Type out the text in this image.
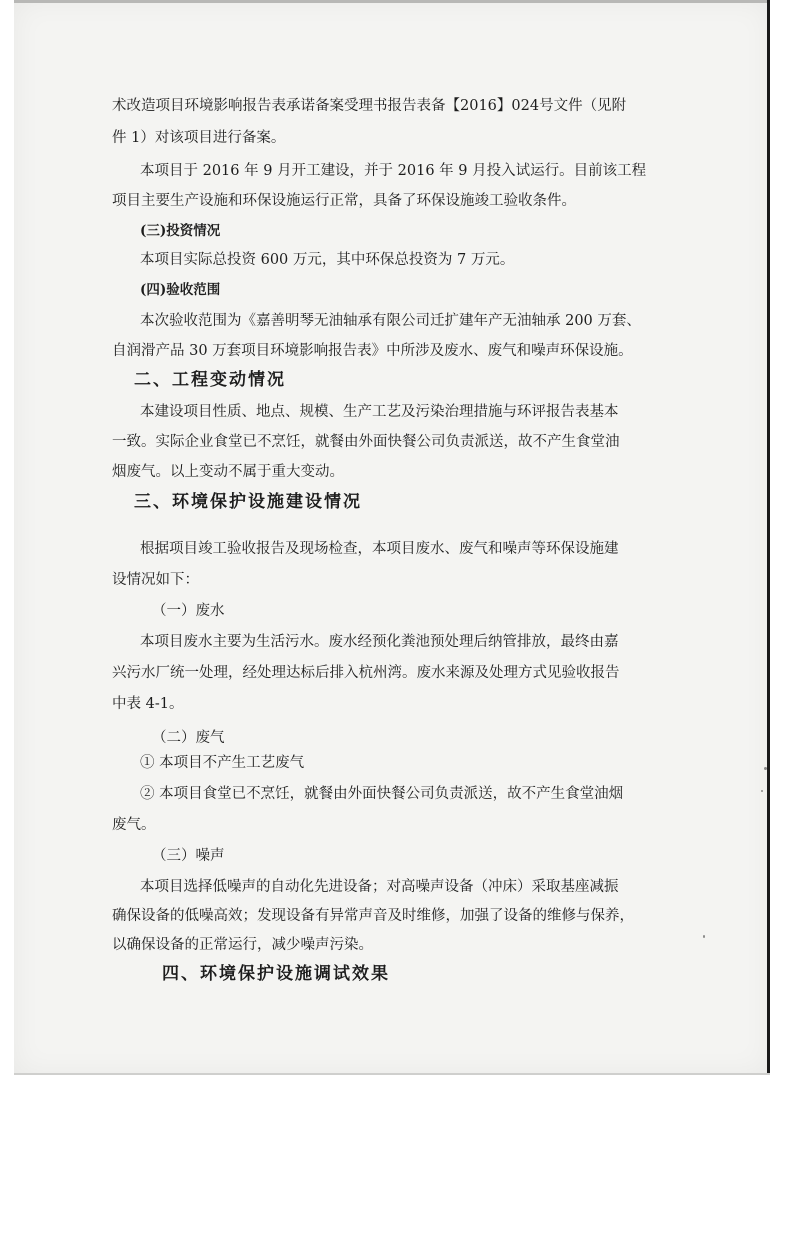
术改造项目环境影响报告表承诺备案受理书报告表备【2016】024号文件（见附
件 1）对该项目进行备案。
本项目于 2016 年 9 月开工建设，并于 2016 年 9 月投入试运行。目前该工程
项目主要生产设施和环保设施运行正常，具备了环保设施竣工验收条件。
(三)投资情况
本项目实际总投资 600 万元，其中环保总投资为 7 万元。
(四)验收范围
本次验收范围为《嘉善明琴无油轴承有限公司迁扩建年产无油轴承 200 万套、
自润滑产品 30 万套项目环境影响报告表》中所涉及废水、废气和噪声环保设施。
二、工程变动情况
本建设项目性质、地点、规模、生产工艺及污染治理措施与环评报告表基本
一致。实际企业食堂已不烹饪，就餐由外面快餐公司负责派送，故不产生食堂油
烟废气。以上变动不属于重大变动。
三、环境保护设施建设情况
根据项目竣工验收报告及现场检查，本项目废水、废气和噪声等环保设施建
设情况如下：
（一）废水
本项目废水主要为生活污水。废水经预化粪池预处理后纳管排放，最终由嘉
兴污水厂统一处理，经处理达标后排入杭州湾。废水来源及处理方式见验收报告
中表 4-1。
（二）废气
① 本项目不产生工艺废气
② 本项目食堂已不烹饪，就餐由外面快餐公司负责派送，故不产生食堂油烟
废气。
（三）噪声
本项目选择低噪声的自动化先进设备；对高噪声设备（冲床）采取基座减振
确保设备的低噪高效；发现设备有异常声音及时维修，加强了设备的维修与保养，
以确保设备的正常运行，减少噪声污染。
四、环境保护设施调试效果
